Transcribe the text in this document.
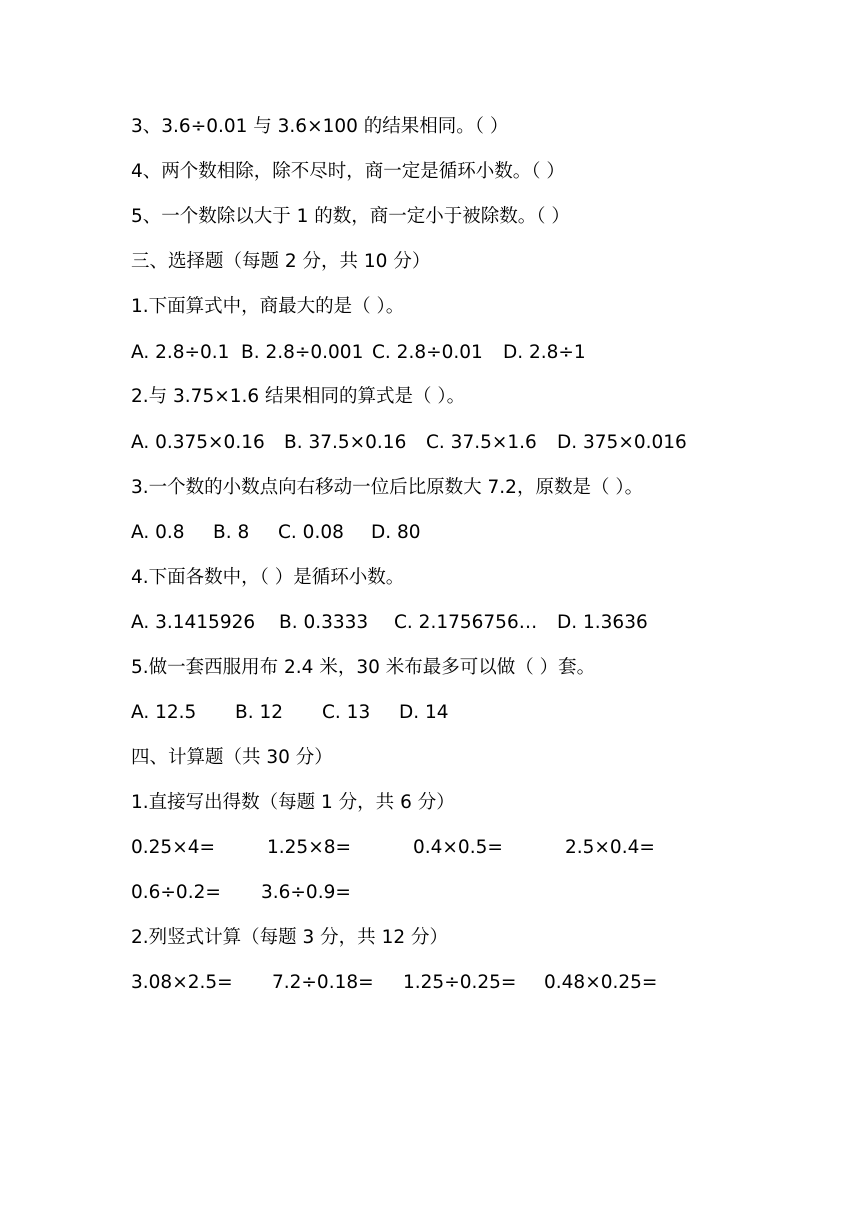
3、3.6÷0.01 与 3.6×100 的结果相同。（ ）
4、两个数相除，除不尽时，商一定是循环小数。（ ）
5、一个数除以大于 1 的数，商一定小于被除数。（ ）
三、选择题（每题 2 分，共 10 分）
1.下面算式中，商最大的是（ ）。
A. 2.8÷0.1 B. 2.8÷0.001 C. 2.8÷0.01 D. 2.8÷1
2.与 3.75×1.6 结果相同的算式是（ ）。
A. 0.375×0.16 B. 37.5×0.16 C. 37.5×1.6 D. 375×0.016
3.一个数的小数点向右移动一位后比原数大 7.2，原数是（ ）。
A. 0.8 B. 8 C. 0.08 D. 80
4.下面各数中，（ ）是循环小数。
A. 3.1415926 B. 0.3333 C. 2.1756756… D. 1.3636
5.做一套西服用布 2.4 米，30 米布最多可以做（ ）套。
A. 12.5 B. 12 C. 13 D. 14
四、计算题（共 30 分）
1.直接写出得数（每题 1 分，共 6 分）
0.25×4=	1.25×8=	0.4×0.5=	2.5×0.4=
0.6÷0.2= 3.6÷0.9=
2.列竖式计算（每题 3 分，共 12 分）
3.08×2.5= 7.2÷0.18= 1.25÷0.25= 0.48×0.25=
